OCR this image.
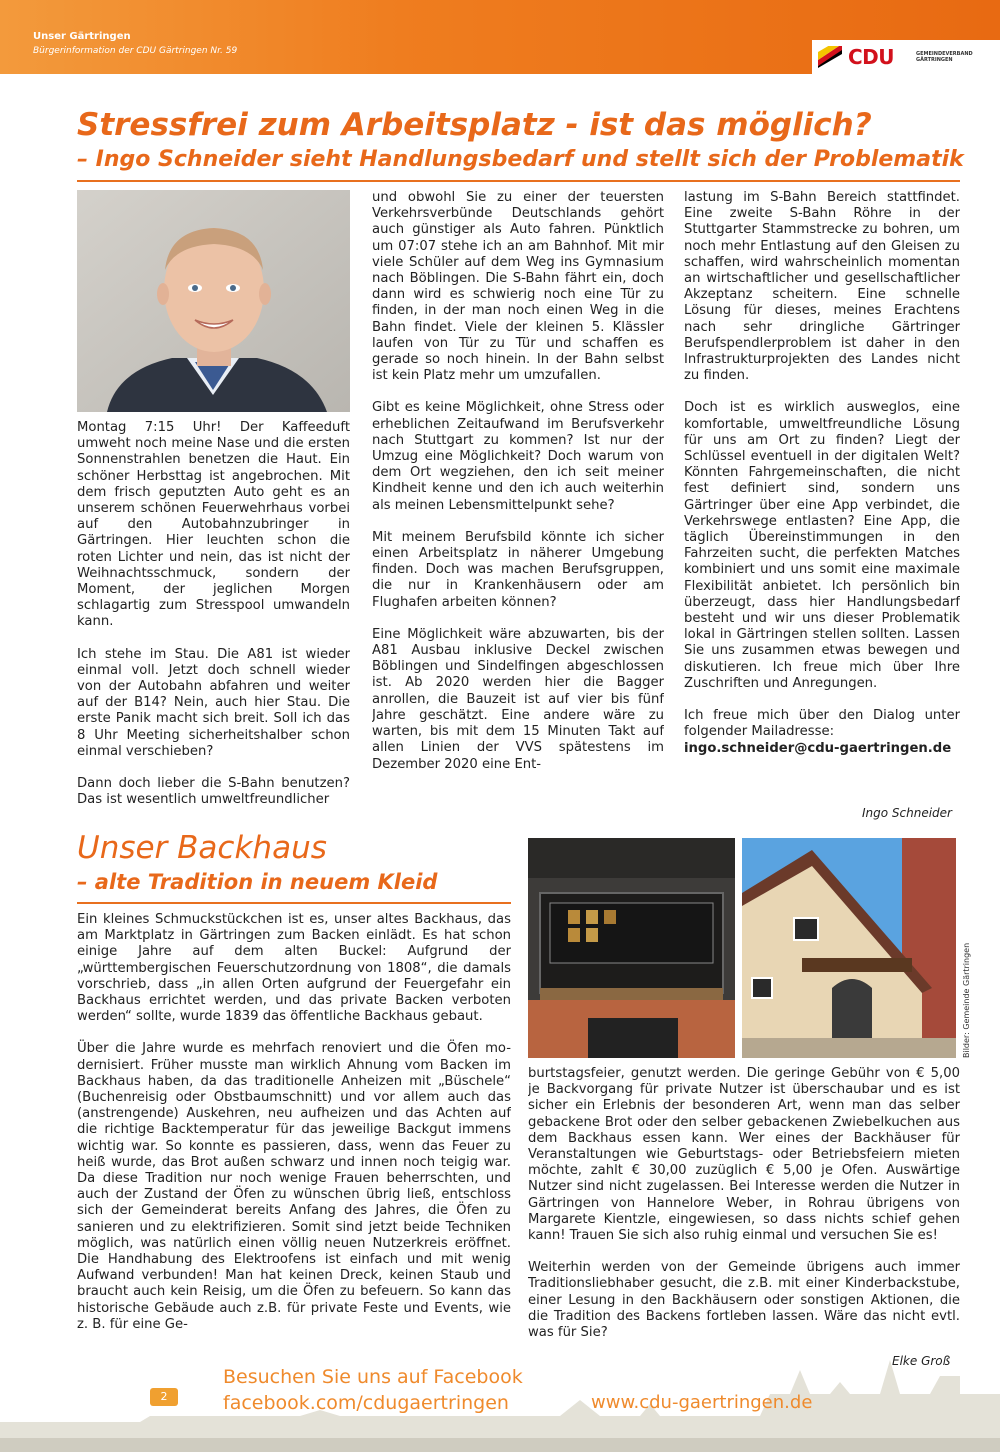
Unser Gärtringen
Bürgerinformation der CDU Gärtringen Nr. 59	CDU	GEMEINDEVERBAND
GÄRTRINGEN
Stressfrei zum Arbeitsplatz - ist das möglich?
– Ingo Schneider sieht Handlungsbedarf und stellt sich der Problematik

Montag 7:15 Uhr! Der Kaffeeduft umweht noch meine Nase und die ersten Sonnenstrahlen benetzen die Haut. Ein schöner Herbsttag ist angebrochen. Mit dem frisch geputzten Auto geht es an unserem schönen Feuerwehrhaus vorbei auf den Autobahnzubringer in Gärtringen. Hier leuchten schon die roten Lichter und nein, das ist nicht der Weihnachtsschmuck, sondern der Moment, der jeglichen Morgen schlagartig zum Stresspool umwandeln kann.

Ich stehe im Stau. Die A81 ist wieder einmal voll. Jetzt doch schnell wieder von der Autobahn abfahren und weiter auf der B14? Nein, auch hier Stau. Die erste Panik macht sich breit. Soll ich das 8 Uhr Meeting sicherheitshalber schon einmal verschieben?

Dann doch lieber die S-Bahn benutzen? Das ist wesentlich umweltfreundlicher

und obwohl Sie zu einer der teuersten Verkehrsverbünde Deutschlands gehört auch günstiger als Auto fahren. Pünktlich um 07:07 stehe ich an am Bahnhof. Mit mir viele Schüler auf dem Weg ins Gymnasium nach Böblingen. Die S-Bahn fährt ein, doch dann wird es schwierig noch eine Tür zu finden, in der man noch einen Weg in die Bahn findet. Viele der kleinen 5. Klässler laufen von Tür zu Tür und schaffen es gerade so noch hinein. In der Bahn selbst ist kein Platz mehr um umzufallen.

Gibt es keine Möglichkeit, ohne Stress oder erheblichen Zeitaufwand im Berufsverkehr nach Stuttgart zu kommen? Ist nur der Umzug eine Möglichkeit? Doch warum von dem Ort wegziehen, den ich seit meiner Kindheit kenne und den ich auch weiterhin als meinen Lebensmittelpunkt sehe?

Mit meinem Berufsbild könnte ich sicher einen Arbeitsplatz in näherer Umgebung finden. Doch was machen Berufsgruppen, die nur in Krankenhäusern oder am Flughafen arbeiten können?

Eine Möglichkeit wäre abzuwarten, bis der A81 Ausbau inklusive Deckel zwischen Böblingen und Sindelfingen abgeschlossen ist. Ab 2020 werden hier die Bagger anrollen, die Bauzeit ist auf vier bis fünf Jahre geschätzt. Eine andere wäre zu warten, bis mit dem 15 Minuten Takt auf allen Linien der VVS spätestens im Dezember 2020 eine Ent-

lastung im S-Bahn Bereich stattfindet. Eine zweite S-Bahn Röhre in der Stuttgarter Stammstrecke zu bohren, um noch mehr Entlastung auf den Gleisen zu schaffen, wird wahrscheinlich momentan an wirtschaftlicher und gesellschaftlicher Akzeptanz scheitern. Eine schnelle Lösung für dieses, meines Erachtens nach sehr dringliche Gärtringer Berufspendlerproblem ist daher in den Infrastrukturprojekten des Landes nicht zu finden.

Doch ist es wirklich ausweglos, eine komfortable, umweltfreundliche Lösung für uns am Ort zu finden? Liegt der Schlüssel eventuell in der digitalen Welt? Könnten Fahrgemeinschaften, die nicht fest definiert sind, sondern uns Gärtringer über eine App verbindet, die Verkehrswege entlasten? Eine App, die täglich Übereinstimmungen in den Fahrzeiten sucht, die perfekten Matches kombiniert und uns somit eine maximale Flexibilität anbietet. Ich persönlich bin überzeugt, dass hier Handlungsbedarf besteht und wir uns dieser Problematik lokal in Gärtringen stellen sollten. Lassen Sie uns zusammen etwas bewegen und diskutieren. Ich freue mich über Ihre Zuschriften und Anregungen.

Ich freue mich über den Dialog unter folgender Mailadresse:
ingo.schneider@cdu-gaertringen.de

Ingo Schneider
Unser Backhaus
– alte Tradition in neuem Kleid

Ein kleines Schmuckstückchen ist es, unser altes Backhaus, das am Marktplatz in Gärtringen zum Backen einlädt. Es hat schon einige Jahre auf dem alten Buckel: Aufgrund der „württembergischen Feuerschutzordnung von 1808“, die damals vorschrieb, dass „in allen Orten aufgrund der Feuergefahr ein Backhaus errichtet werden, und das private Backen verboten werden“ sollte, wurde 1839 das öffentliche Backhaus gebaut.

Über die Jahre wurde es mehrfach renoviert und die Öfen mo- dernisiert. Früher musste man wirklich Ahnung vom Backen im Backhaus haben, da das traditionelle Anheizen mit „Büschele“ (Buchenreisig oder Obstbaumschnitt) und vor allem auch das (anstrengende) Auskehren, neu aufheizen und das Achten auf die richtige Backtemperatur für das jeweilige Backgut immens wichtig war. So konnte es passieren, dass, wenn das Feuer zu heiß wurde, das Brot außen schwarz und innen noch teigig war. Da diese Tradition nur noch wenige Frauen beherrschten, und auch der Zustand der Öfen zu wünschen übrig ließ, entschloss sich der Gemeinderat bereits Anfang des Jahres, die Öfen zu sanieren und zu elektrifizieren. Somit sind jetzt beide Techniken möglich, was natürlich einen völlig neuen Nutzerkreis eröffnet. Die Handhabung des Elektroofens ist einfach und mit wenig Aufwand verbunden! Man hat keinen Dreck, keinen Staub und braucht auch kein Reisig, um die Öfen zu befeuern. So kann das historische Gebäude auch z.B. für private Feste und Events, wie z. B. für eine Ge-

Bilder: Gemeinde Gärtringen

burtstagsfeier, genutzt werden. Die geringe Gebühr von € 5,00 je Backvorgang für private Nutzer ist überschaubar und es ist sicher ein Erlebnis der besonderen Art, wenn man das selber gebackene Brot oder den selber gebackenen Zwiebelkuchen aus dem Backhaus essen kann. Wer eines der Backhäuser für Veranstaltungen wie Geburtstags- oder Betriebsfeiern mieten möchte, zahlt € 30,00 zuzüglich € 5,00 je Ofen. Auswärtige Nutzer sind nicht zugelassen. Bei Interesse werden die Nutzer in Gärtringen von Hannelore Weber, in Rohrau übrigens von Margarete Kientzle, eingewiesen, so dass nichts schief gehen kann! Trauen Sie sich also ruhig einmal und versuchen Sie es!

Weiterhin werden von der Gemeinde übrigens auch immer Traditionsliebhaber gesucht, die z.B. mit einer Kinderbackstube, einer Lesung in den Backhäusern oder sonstigen Aktionen, die die Tradition des Backens fortleben lassen. Wäre das nicht evtl. was für Sie?

Elke Groß
2
Besuchen Sie uns auf Facebook
facebook.com/cdugaertringen	www.cdu-gaertringen.de
